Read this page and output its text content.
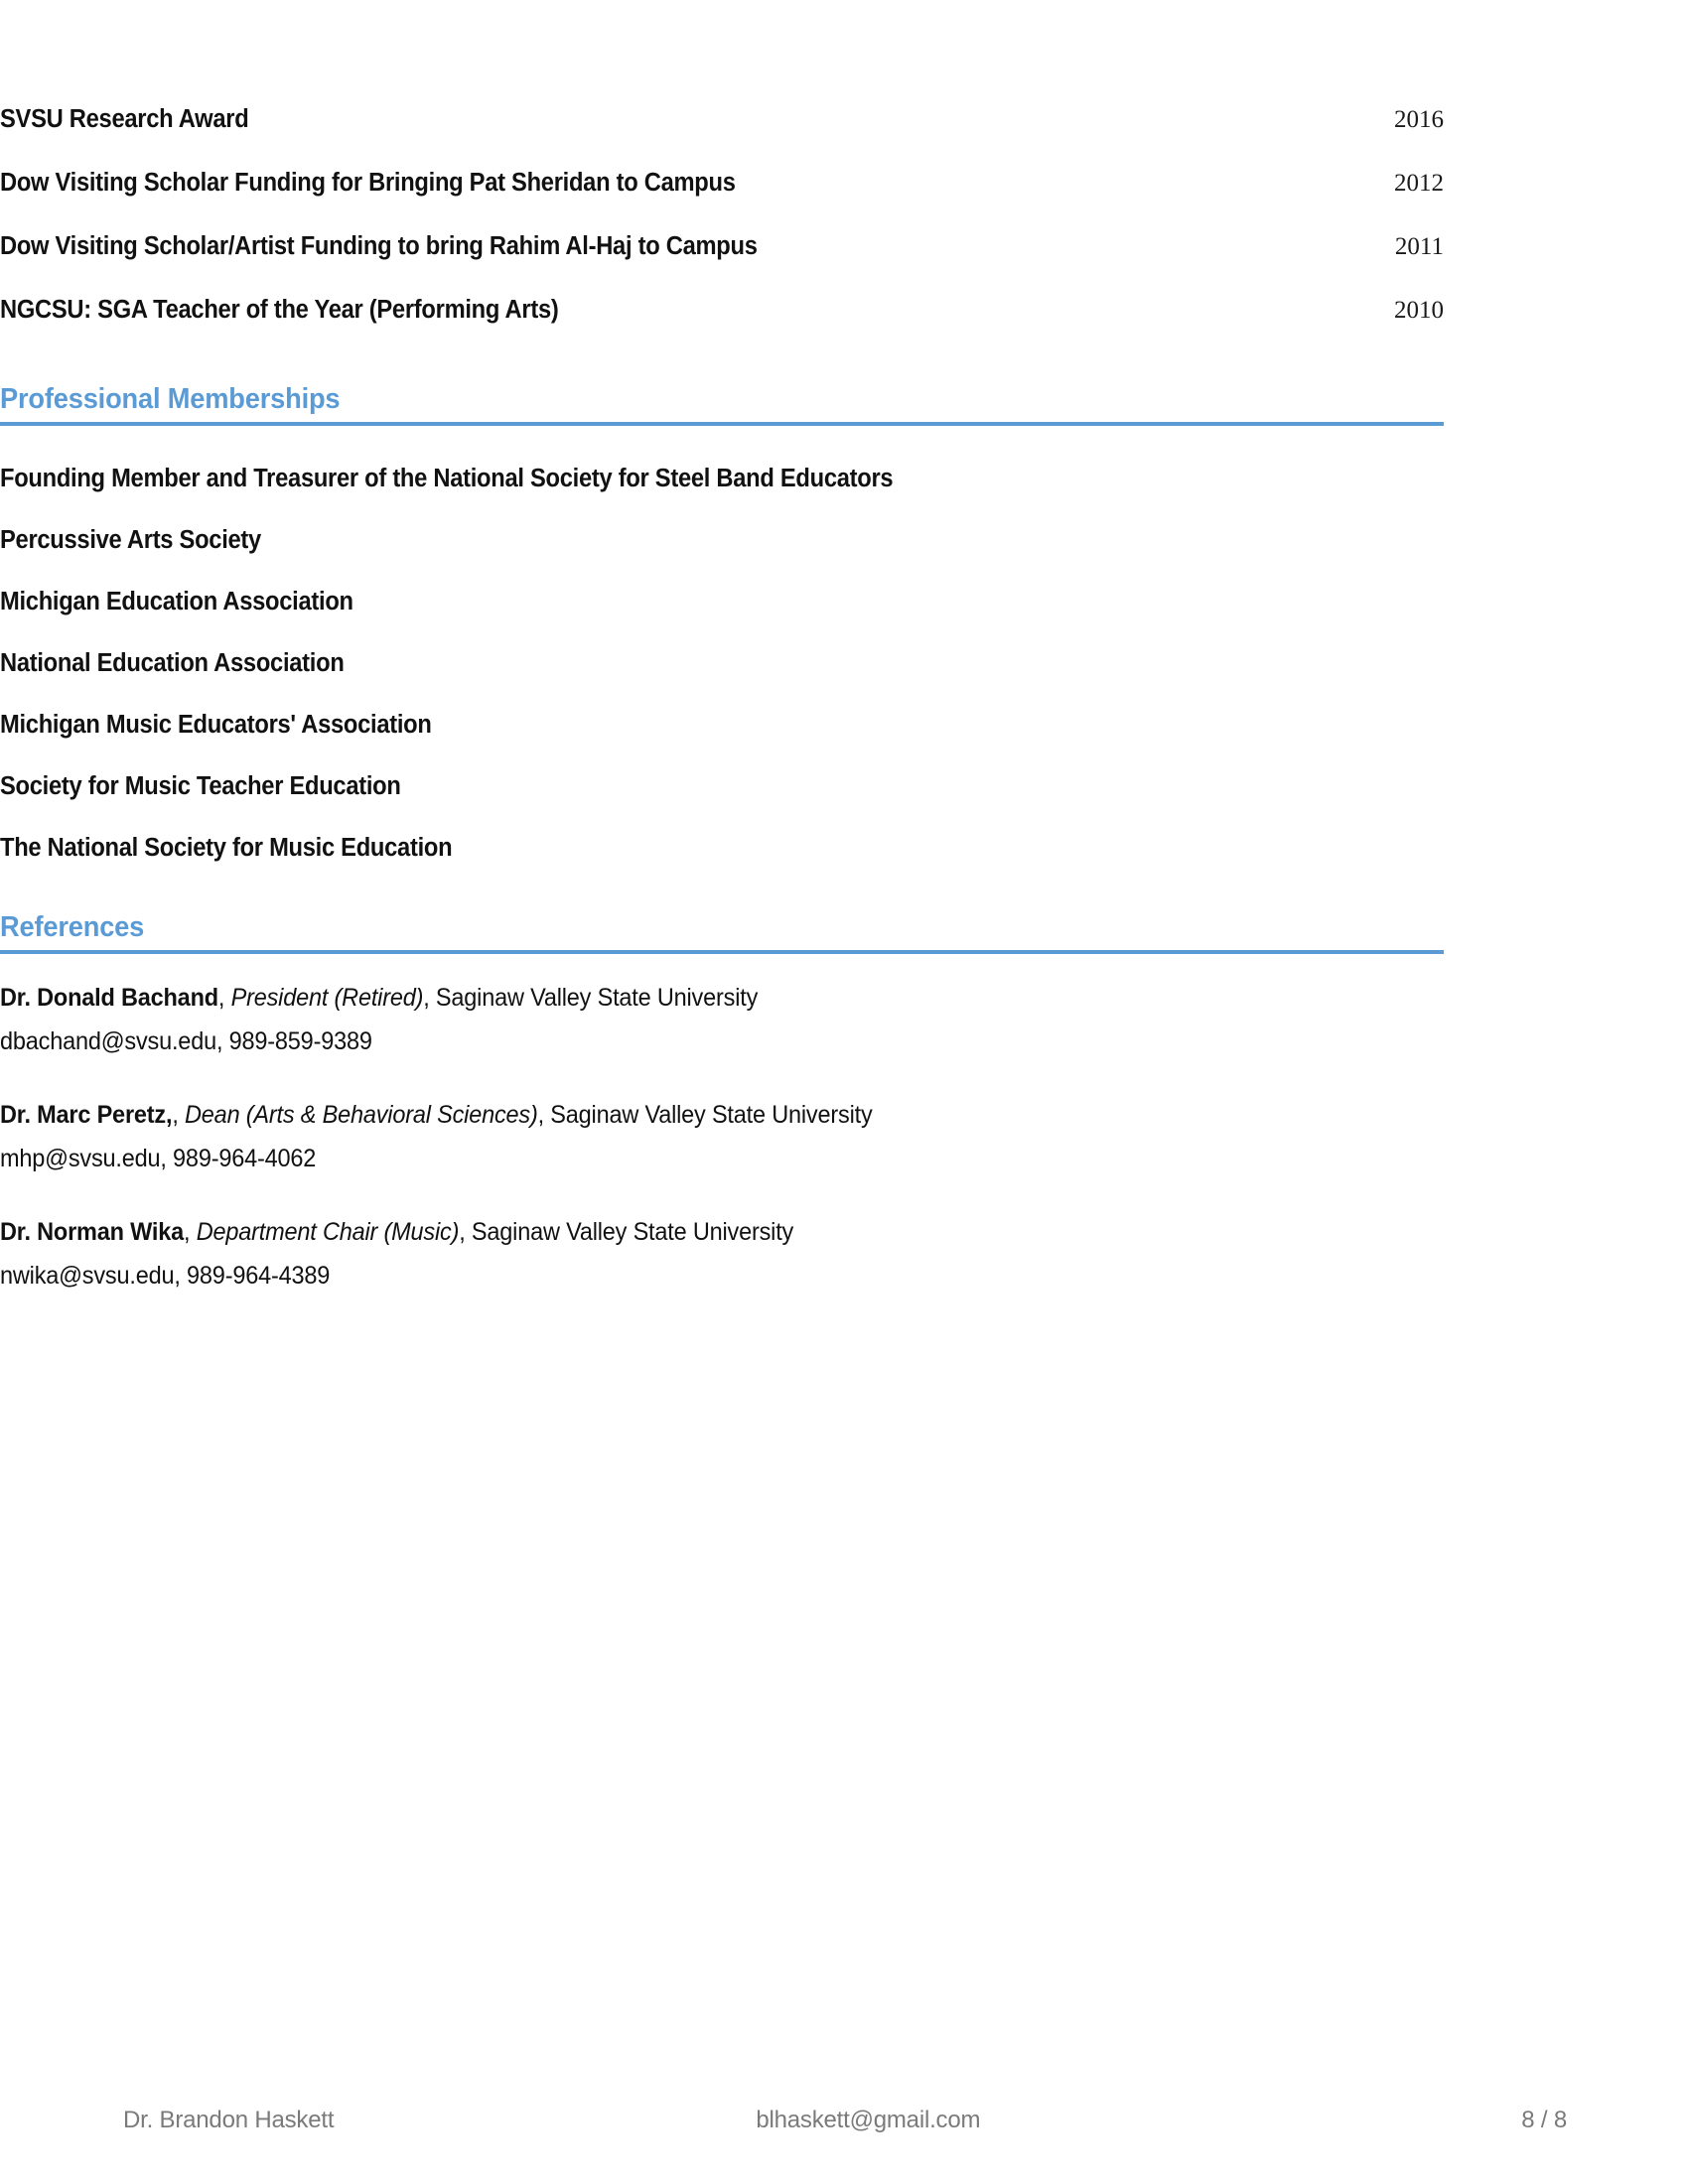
SVSU Research Award	2016
Dow Visiting Scholar Funding for Bringing Pat Sheridan to Campus	2012
Dow Visiting Scholar/Artist Funding to bring Rahim Al-Haj to Campus	2011
NGCSU: SGA Teacher of the Year (Performing Arts)	2010
Professional Memberships
Founding Member and Treasurer of the National Society for Steel Band Educators
Percussive Arts Society
Michigan Education Association
National Education Association
Michigan Music Educators' Association
Society for Music Teacher Education
The National Society for Music Education
References
Dr. Donald Bachand, President (Retired), Saginaw Valley State University
dbachand@svsu.edu, 989-859-9389
Dr. Marc Peretz,, Dean (Arts & Behavioral Sciences), Saginaw Valley State University
mhp@svsu.edu, 989-964-4062
Dr. Norman Wika, Department Chair (Music), Saginaw Valley State University
nwika@svsu.edu, 989-964-4389
Dr. Brandon Haskett	blhaskett@gmail.com	8 / 8
